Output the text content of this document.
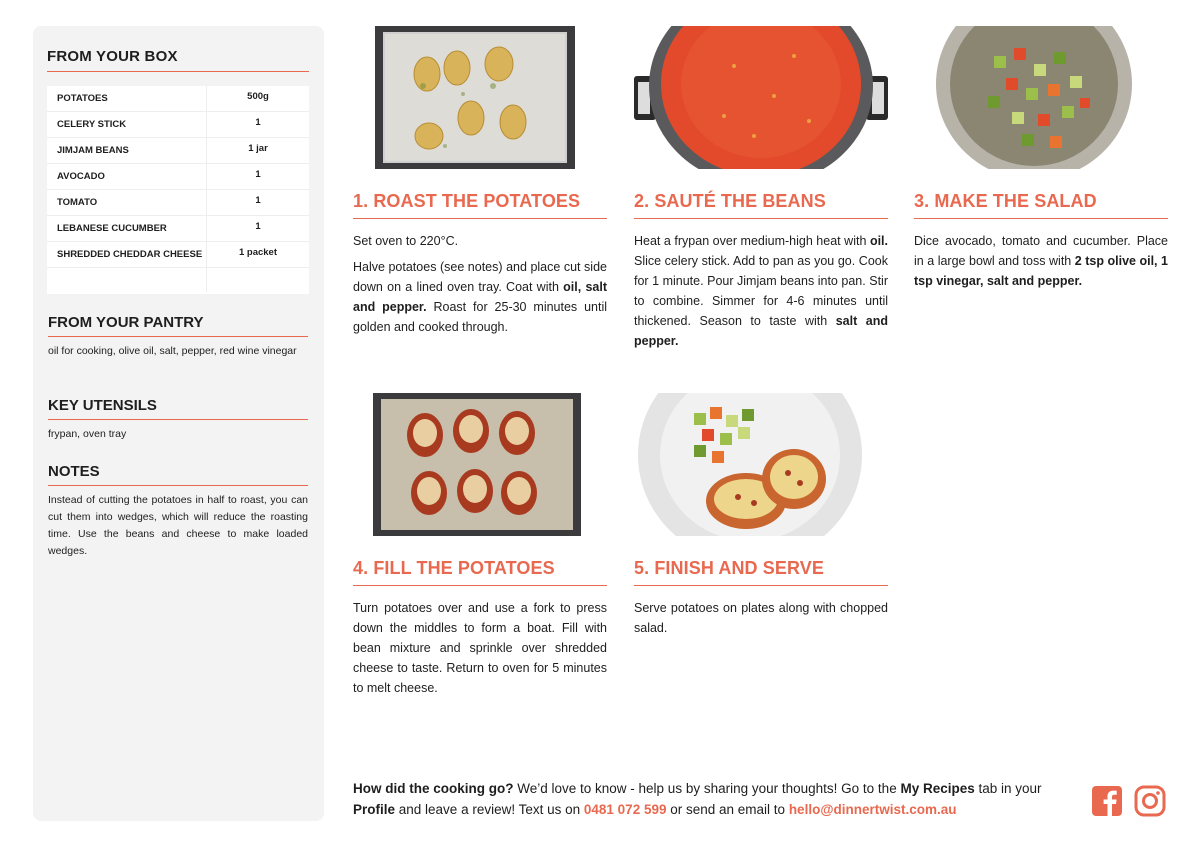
FROM YOUR BOX
POTATOES	500g
CELERY STICK	1
JIMJAM BEANS	1 jar
AVOCADO	1
TOMATO	1
LEBANESE CUCUMBER	1
SHREDDED CHEDDAR CHEESE	1 packet
FROM YOUR PANTRY
oil for cooking, olive oil, salt, pepper, red wine vinegar
KEY UTENSILS
frypan, oven tray
NOTES
Instead of cutting the potatoes in half to roast, you can cut them into wedges, which will reduce the roasting time. Use the beans and cheese to make loaded wedges.
1. ROAST THE POTATOES

Set oven to 220°C.

Halve potatoes (see notes) and place cut side down on a lined oven tray. Coat with oil, salt and pepper. Roast for 25-30 minutes until golden and cooked through.

2. SAUTÉ THE BEANS

Heat a frypan over medium-high heat with oil. Slice celery stick. Add to pan as you go. Cook for 1 minute. Pour Jimjam beans into pan. Stir to combine. Simmer for 4-6 minutes until thickened. Season to taste with salt and pepper.

3. MAKE THE SALAD

Dice avocado, tomato and cucumber. Place in a large bowl and toss with 2 tsp olive oil, 1 tsp vinegar, salt and pepper.

4. FILL THE POTATOES

Turn potatoes over and use a fork to press down the middles to form a boat. Fill with bean mixture and sprinkle over shredded cheese to taste. Return to oven for 5 minutes to melt cheese.

5. FINISH AND SERVE

Serve potatoes on plates along with chopped salad.

How did the cooking go? We’d love to know - help us by sharing your thoughts! Go to the My Recipes tab in your Profile and leave a review! Text us on 0481 072 599 or send an email to hello@dinnertwist.com.au
